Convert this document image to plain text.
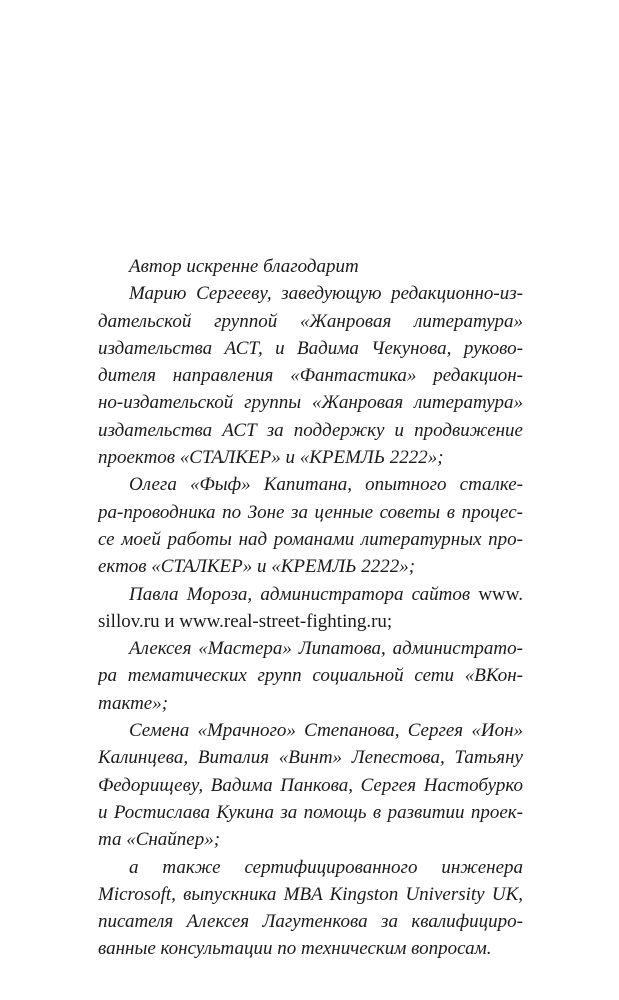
Автор искренне благодарит
Марию Сергееву, заведующую редакционно-из-
дательской группой «Жанровая литература»
издательства АСТ, и Вадима Чекунова, руково-
дителя направления «Фантастика» редакцион-
но-издательской группы «Жанровая литература»
издательства АСТ за поддержку и продвижение
проектов «СТАЛКЕР» и «КРЕМЛЬ 2222»;
Олега «Фыф» Капитана, опытного сталке-
ра-проводника по Зоне за ценные советы в процес-
се моей работы над романами литературных про-
ектов «СТАЛКЕР» и «КРЕМЛЬ 2222»;
Павла Мороза, администратора сайтов www.
sillov.ru и www.real-street-fighting.ru;
Алексея «Мастера» Липатова, администрато-
ра тематических групп социальной сети «ВКон-
такте»;
Семена «Мрачного» Степанова, Сергея «Ион»
Калинцева, Виталия «Винт» Лепестова, Татьяну
Федорищеву, Вадима Панкова, Сергея Настобурко
и Ростислава Кукина за помощь в развитии проек-
та «Снайпер»;
а также сертифицированного инженера
Microsoft, выпускника MBA Kingston University UK,
писателя Алексея Лагутенкова за квалифициро-
ванные консультации по техническим вопросам.
